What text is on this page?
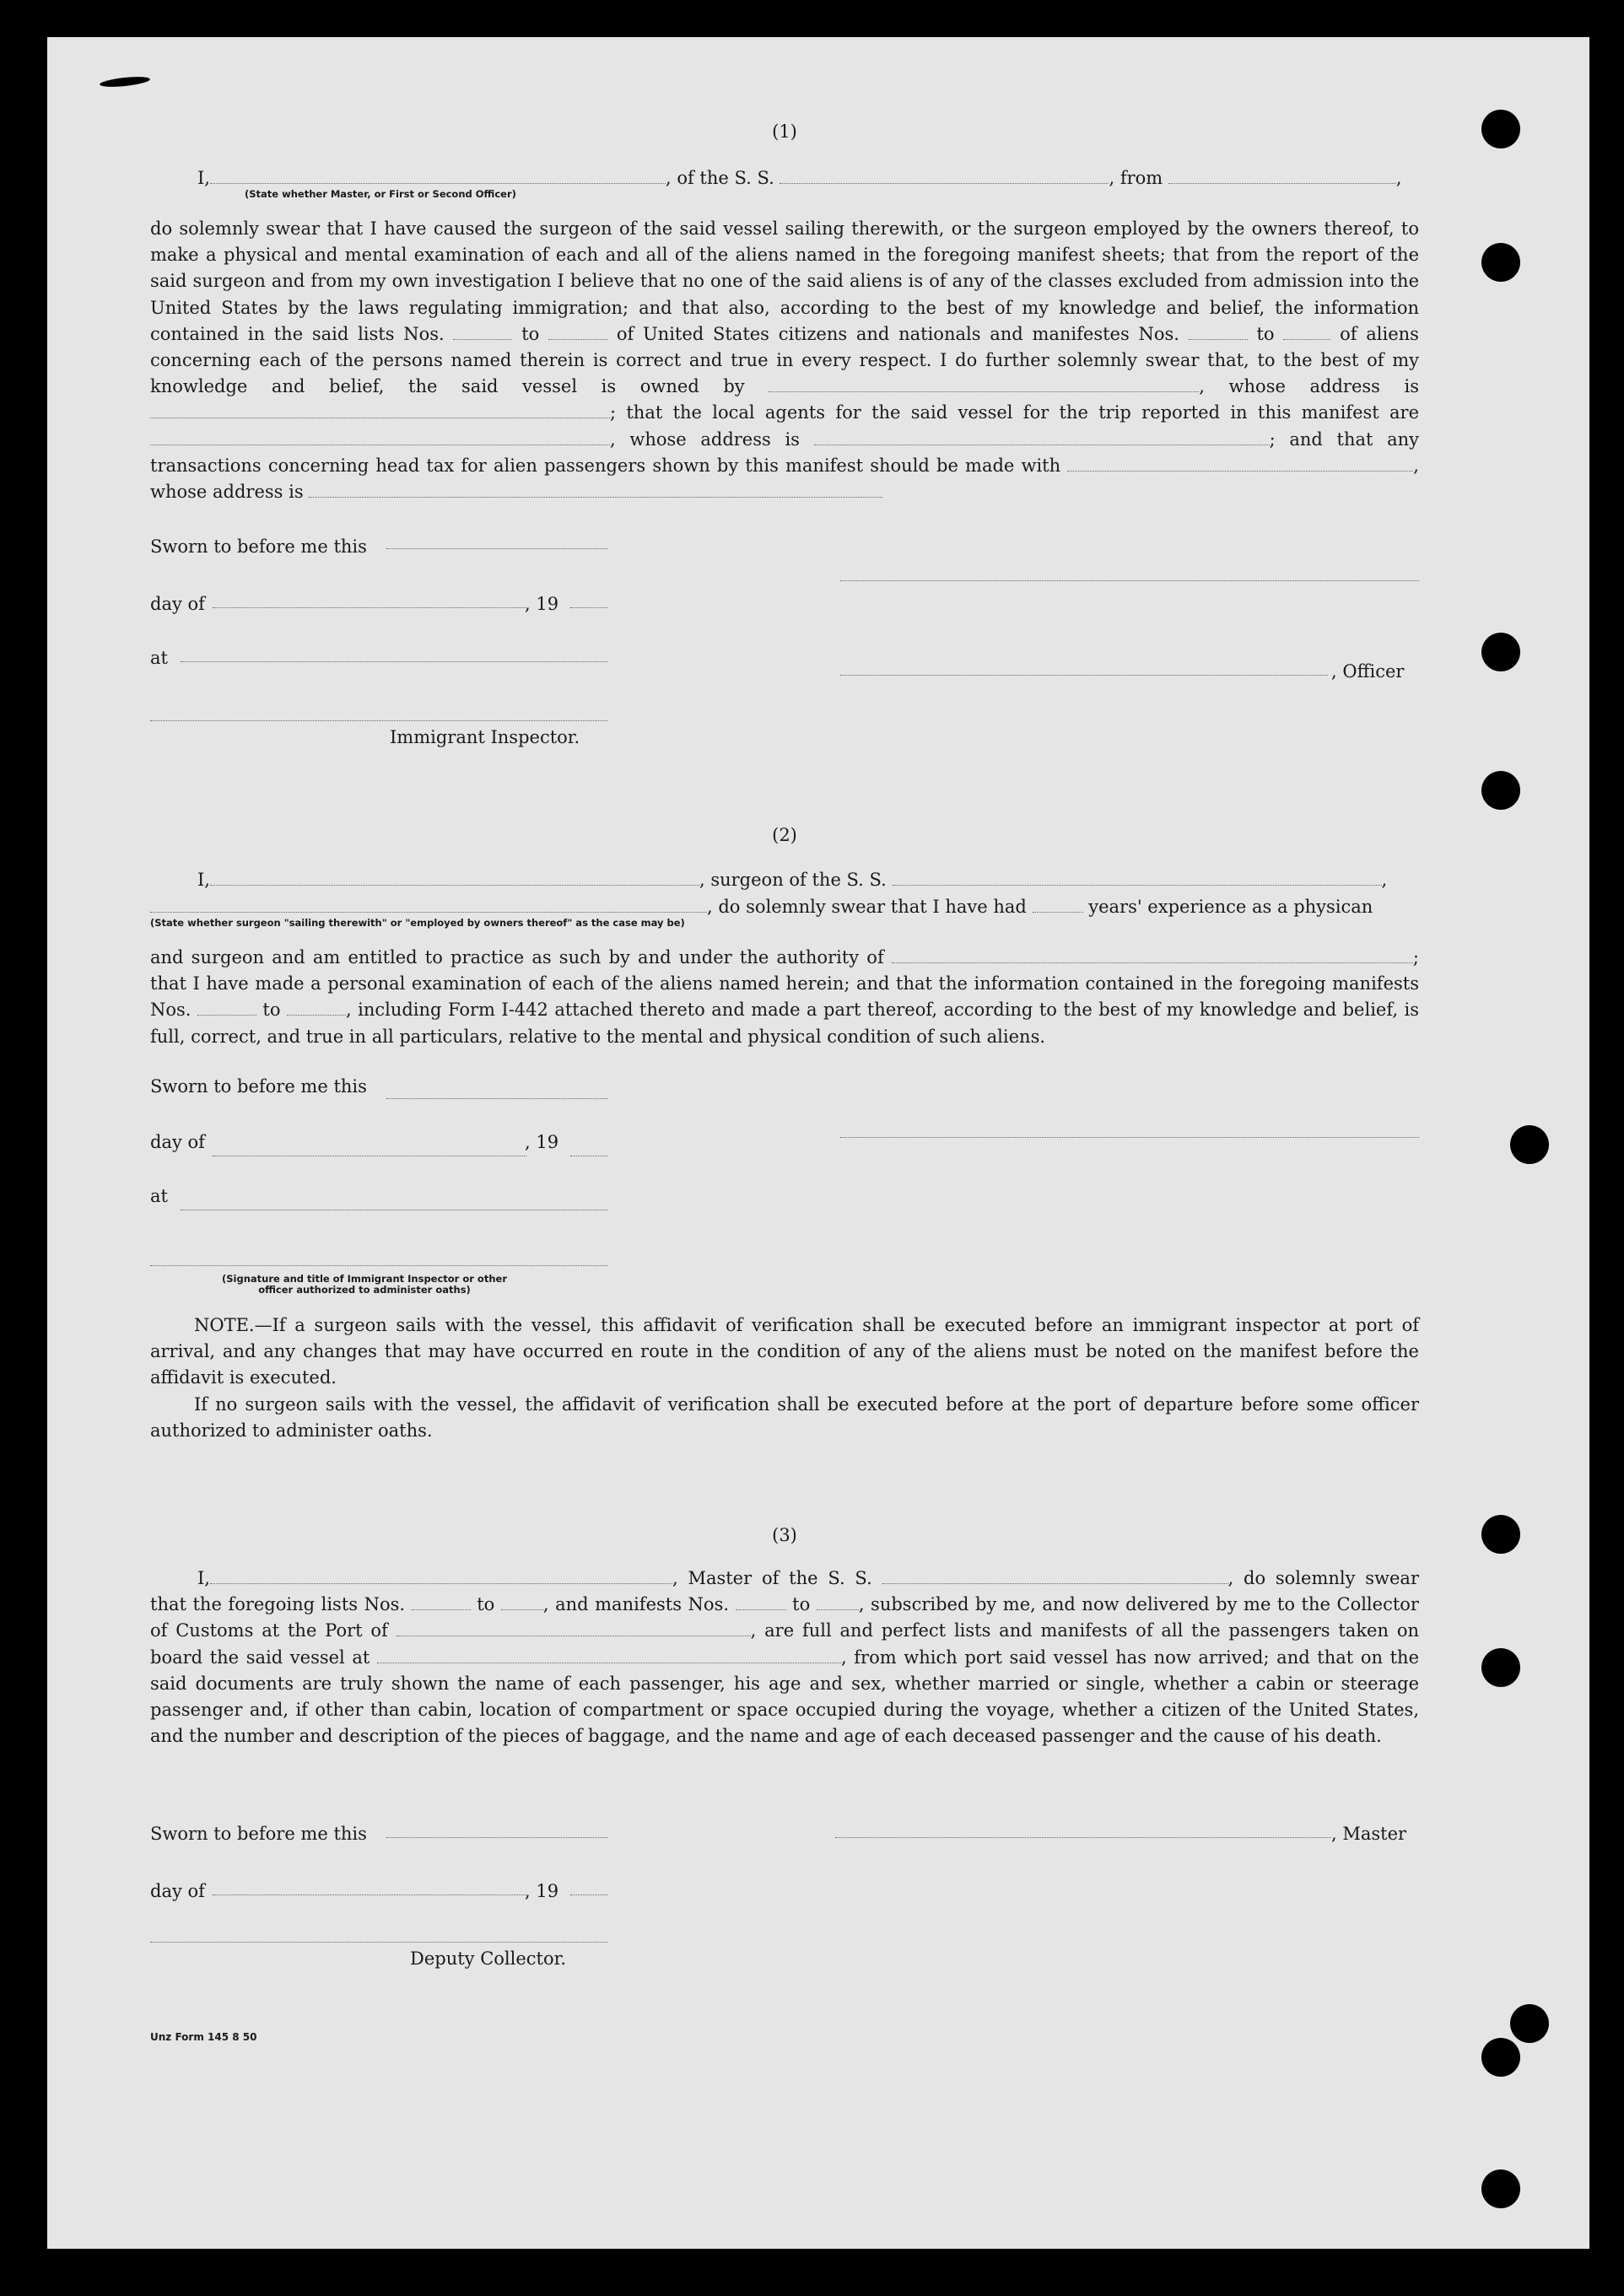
(1)
I,	, of the S. S.	, from	,
(State whether Master, or First or Second Officer)

do solemnly swear that I have caused the surgeon of the said vessel sailing therewith, or the surgeon employed by the owners thereof, to make a physical and mental examination of each and all of the aliens named in the foregoing manifest sheets; that from the report of the said surgeon and from my own investigation I believe that no one of the said aliens is of any of the classes excluded from admission into the United States by the laws regulating immigration; and that also, according to the best of my knowledge and belief, the information contained in the said lists Nos.	to	of United States citizens and nationals and manifestes Nos.	to	of aliens concerning each of the persons named therein is correct and true in every respect. I do further solemnly swear that, to the best of my knowledge and belief, the said vessel is owned by	, whose address is ; that the local agents for the said vessel for the trip reported in this manifest are , whose address is	; and that any transactions concerning head tax for alien passengers shown by this manifest should be made with	, whose address is

Sworn to before me this
day of	, 19
at
, Officer
Immigrant Inspector.
(2)
I,	, surgeon of the S. S.	,
, do solemnly swear that I have had	years' experience as a physican
(State whether surgeon "sailing therewith" or "employed by owners thereof" as the case may be)

and surgeon and am entitled to practice as such by and under the authority of	; that I have made a personal examination of each of the aliens named herein; and that the information contained in the foregoing manifests Nos.	to	, including Form I-442 attached thereto and made a part thereof, according to the best of my knowledge and belief, is full, correct, and true in all particulars, relative to the mental and physical condition of such aliens.

Sworn to before me this
day of	, 19
at
(Signature and title of Immigrant Inspector or other
officer authorized to administer oaths)

NOTE.—If a surgeon sails with the vessel, this affidavit of verification shall be executed before an immigrant inspector at port of arrival, and any changes that may have occurred en route in the condition of any of the aliens must be noted on the manifest before the affidavit is executed.

If no surgeon sails with the vessel, the affidavit of verification shall be executed before at the port of departure before some officer authorized to administer oaths.

(3)

I,	, Master of the S. S.	, do solemnly swear that the foregoing lists Nos.	to	, and manifests Nos.	to	, subscribed by me, and now delivered by me to the Collector of Customs at the Port of	, are full and perfect lists and manifests of all the passengers taken on board the said vessel at	, from which port said vessel has now arrived; and that on the said documents are truly shown the name of each passenger, his age and sex, whether married or single, whether a cabin or steerage passenger and, if other than cabin, location of compartment or space occupied during the voyage, whether a citizen of the United States, and the number and description of the pieces of baggage, and the name and age of each deceased passenger and the cause of his death.

Sworn to before me this	, Master
day of	, 19
Deputy Collector.
Unz Form 145 8 50
